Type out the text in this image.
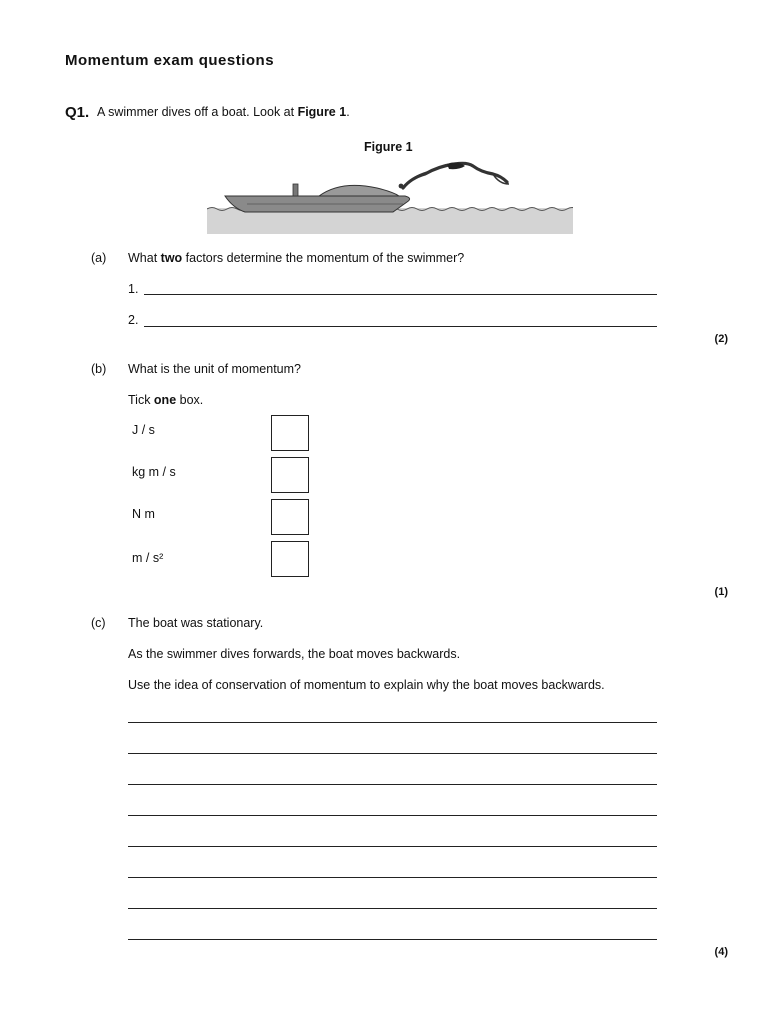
Momentum exam questions
Q1. A swimmer dives off a boat. Look at Figure 1.
Figure 1
(a) What two factors determine the momentum of the swimmer?
1.
2.
(2)
(b) What is the unit of momentum?
Tick one box.
J / s
kg m / s
N m
m / s²
(1)
(c) The boat was stationary.
As the swimmer dives forwards, the boat moves backwards.
Use the idea of conservation of momentum to explain why the boat moves backwards.
(4)
